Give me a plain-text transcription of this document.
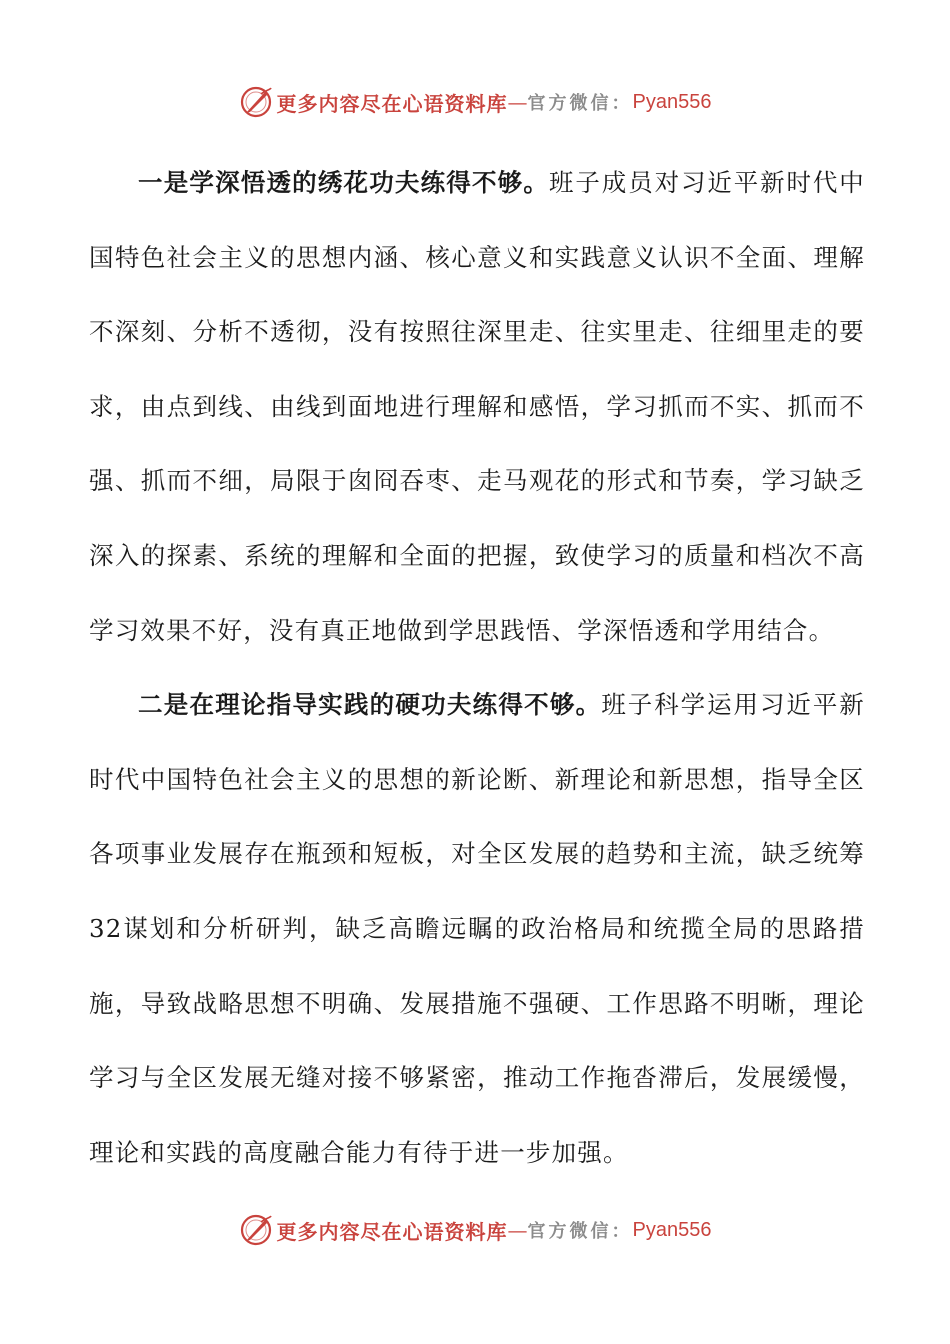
更多内容尽在心语资料库 — 官方微信： Pyan556

一是学深悟透的绣花功夫练得不够。班子成员对习近平新时代中国特色社会主义的思想内涵、核心意义和实践意义认识不全面、理解不深刻、分析不透彻，没有按照往深里走、往实里走、往细里走的要求，由点到线、由线到面地进行理解和感悟，学习抓而不实、抓而不强、抓而不细，局限于囱冏吞枣、走马观花的形式和节奏，学习缺乏深入的探素、系统的理解和全面的把握，致使学习的质量和档次不高学习效果不好，没有真正地做到学思践悟、学深悟透和学用结合。

二是在理论指导实践的硬功夫练得不够。班子科学运用习近平新时代中国特色社会主义的思想的新论断、新理论和新思想，指导全区各项事业发展存在瓶颈和短板，对全区发展的趋势和主流，缺乏统筹32谋划和分析研判，缺乏高瞻远瞩的政治格局和统揽全局的思路措施，导致战略思想不明确、发展措施不强硬、工作思路不明晰，理论学习与全区发展无缝对接不够紧密，推动工作拖沓滞后，发展缓慢，理论和实践的高度融合能力有待于进一步加强。

更多内容尽在心语资料库 — 官方微信： Pyan556
